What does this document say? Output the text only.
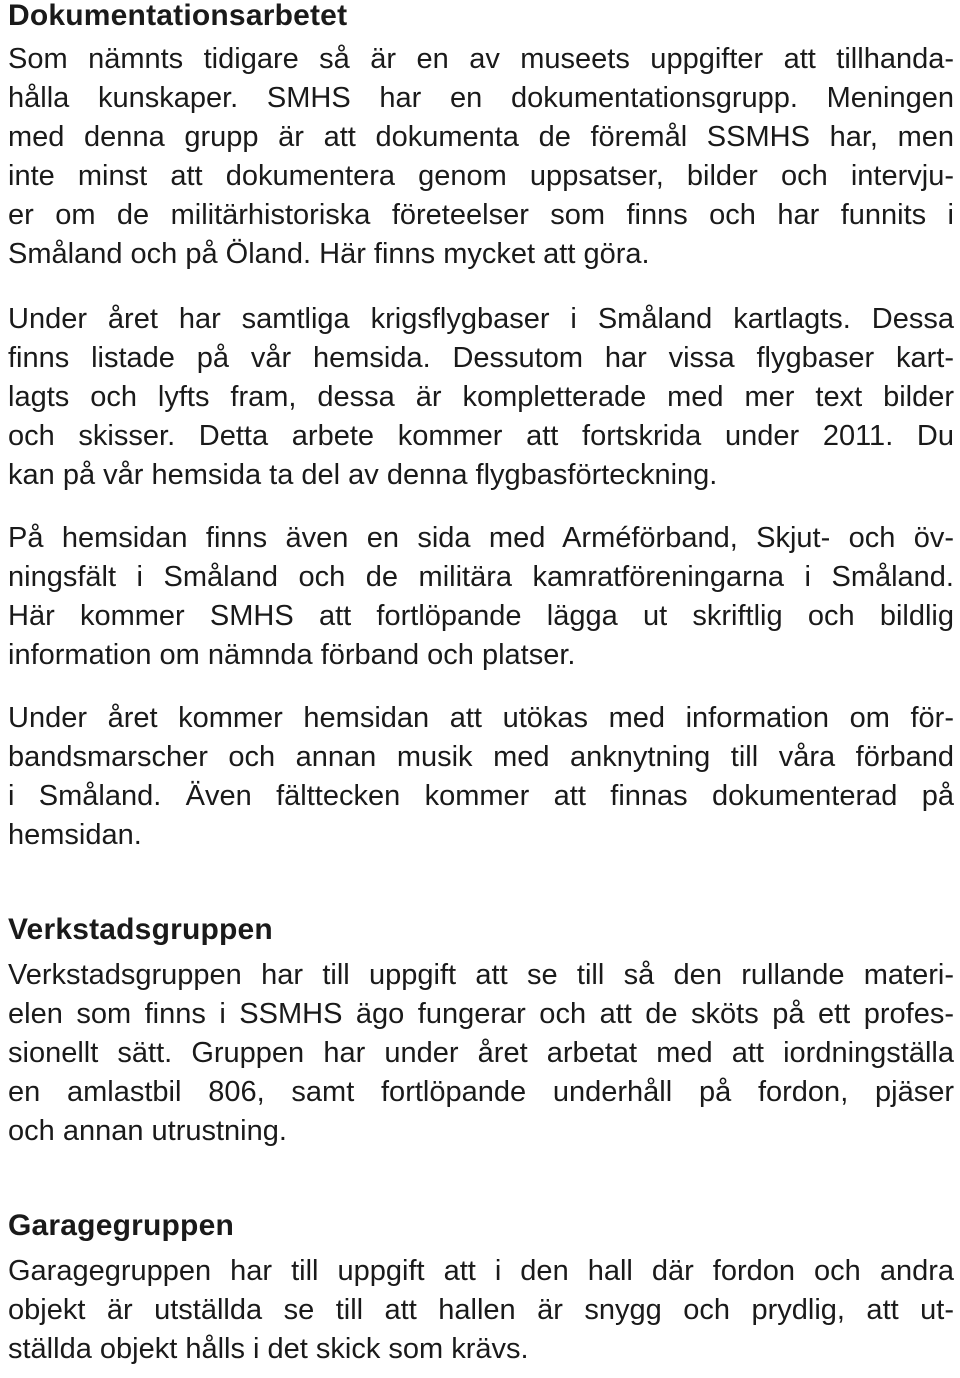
Dokumentationsarbetet
Som nämnts tidigare så är en av museets uppgifter att tillhanda-
hålla kunskaper. SMHS har en dokumentationsgrupp. Meningen
med denna grupp är att dokumenta de föremål SSMHS har, men
inte minst att dokumentera genom uppsatser, bilder och intervju-
er om de militärhistoriska företeelser som finns och har funnits i
Småland och på Öland. Här finns mycket att göra.
Under året har samtliga krigsflygbaser i Småland kartlagts. Dessa
finns listade på vår hemsida. Dessutom har vissa flygbaser kart-
lagts och lyfts fram, dessa är kompletterade med mer text bilder
och skisser. Detta arbete kommer att fortskrida under 2011. Du
kan på vår hemsida ta del av denna flygbasförteckning.
På hemsidan finns även en sida med Arméförband, Skjut- och öv-
ningsfält i Småland och de militära kamratföreningarna i Småland.
Här kommer SMHS att fortlöpande lägga ut skriftlig och bildlig
information om nämnda förband och platser.
Under året kommer hemsidan att utökas med information om för-
bandsmarscher och annan musik med anknytning till våra förband
i Småland. Även fälttecken kommer att finnas dokumenterad på
hemsidan.
Verkstadsgruppen
Verkstadsgruppen har till uppgift att se till så den rullande materi-
elen som finns i SSMHS ägo fungerar och att de sköts på ett profes-
sionellt sätt. Gruppen har under året arbetat med att iordningställa
en amlastbil 806, samt fortlöpande underhåll på fordon, pjäser
och annan utrustning.
Garagegruppen
Garagegruppen har till uppgift att i den hall där fordon och andra
objekt är utställda se till att hallen är snygg och prydlig, att ut-
ställda objekt hålls i det skick som krävs.
